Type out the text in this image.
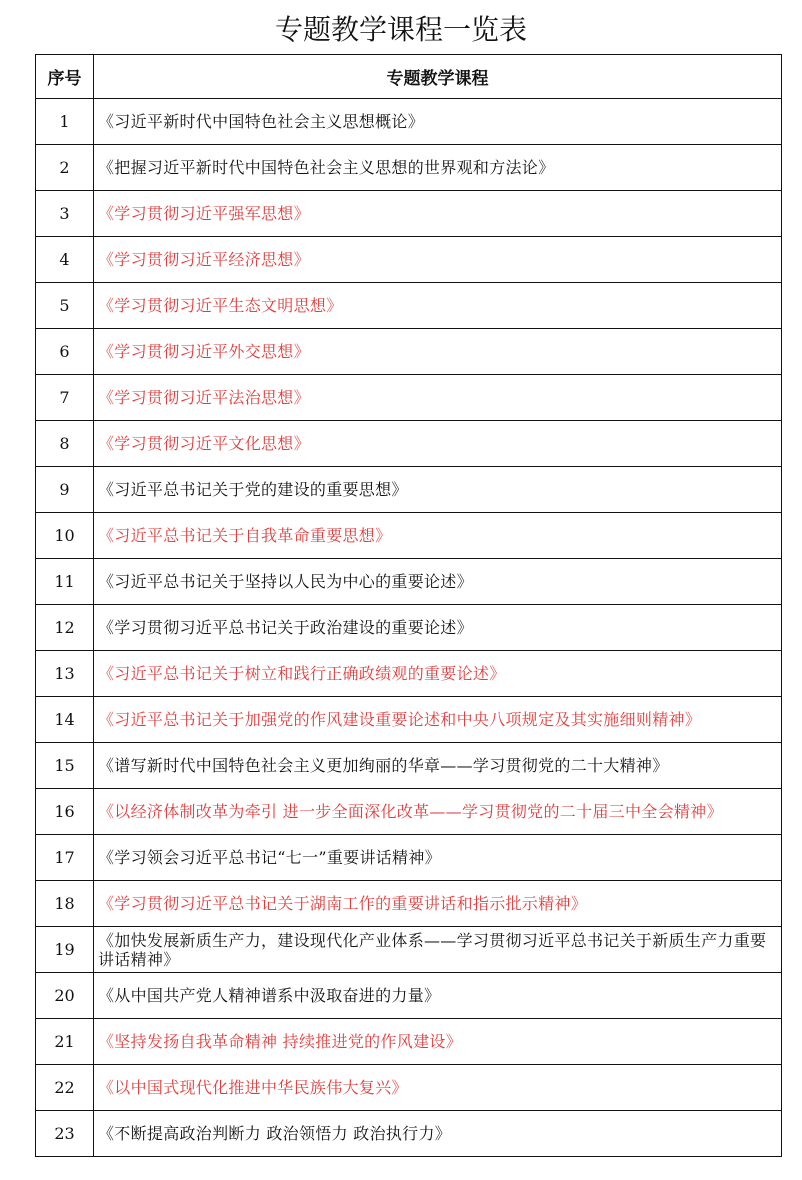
专题教学课程一览表
序号	专题教学课程
1	《习近平新时代中国特色社会主义思想概论》
2	《把握习近平新时代中国特色社会主义思想的世界观和方法论》
3	《学习贯彻习近平强军思想》
4	《学习贯彻习近平经济思想》
5	《学习贯彻习近平生态文明思想》
6	《学习贯彻习近平外交思想》
7	《学习贯彻习近平法治思想》
8	《学习贯彻习近平文化思想》
9	《习近平总书记关于党的建设的重要思想》
10	《习近平总书记关于自我革命重要思想》
11	《习近平总书记关于坚持以人民为中心的重要论述》
12	《学习贯彻习近平总书记关于政治建设的重要论述》
13	《习近平总书记关于树立和践行正确政绩观的重要论述》
14	《习近平总书记关于加强党的作风建设重要论述和中央八项规定及其实施细则精神》
15	《谱写新时代中国特色社会主义更加绚丽的华章——学习贯彻党的二十大精神》
16	《以经济体制改革为牵引 进一步全面深化改革——学习贯彻党的二十届三中全会精神》
17	《学习领会习近平总书记“七一”重要讲话精神》
18	《学习贯彻习近平总书记关于湖南工作的重要讲话和指示批示精神》
19	《加快发展新质生产力，建设现代化产业体系——学习贯彻习近平总书记关于新质生产力重要讲话精神》
20	《从中国共产党人精神谱系中汲取奋进的力量》
21	《坚持发扬自我革命精神 持续推进党的作风建设》
22	《以中国式现代化推进中华民族伟大复兴》
23	《不断提高政治判断力 政治领悟力 政治执行力》
